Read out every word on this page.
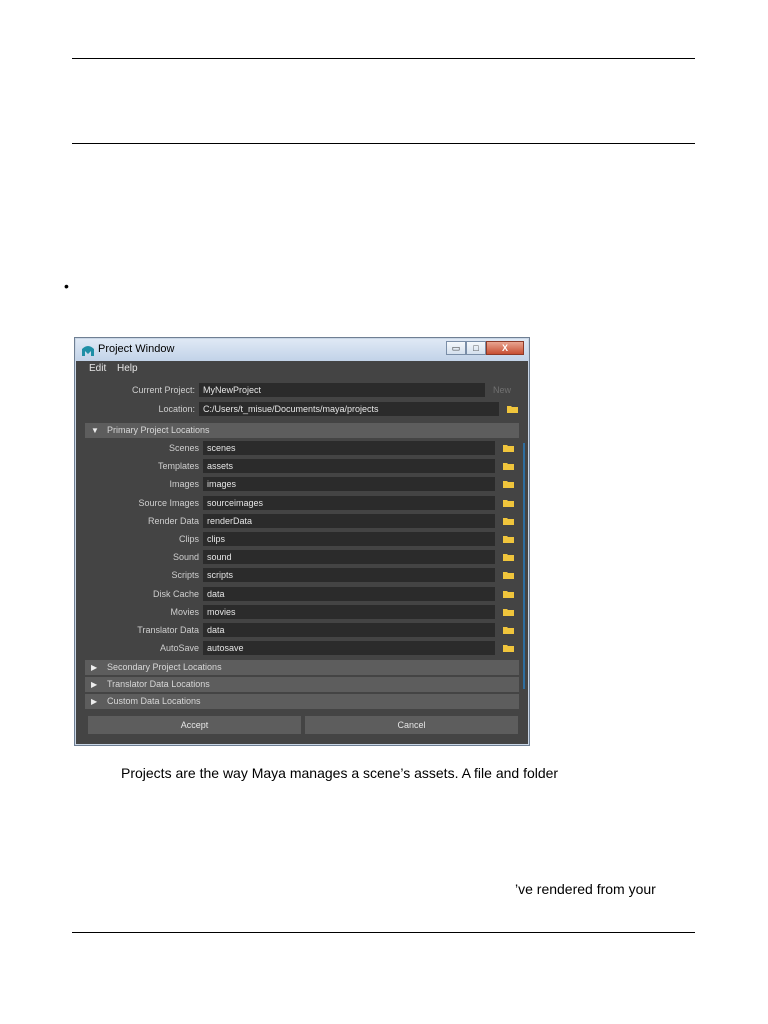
•
Project Window	▭	□	X
Edit Help
Current Project: MyNewProject	New
Location: C:/Users/t_misue/Documents/maya/projects
▼ Primary Project Locations
Scenes scenes
Templates assets
Images images
Source Images sourceimages
Render Data renderData
Clips clips
Sound sound
Scripts scripts
Disk Cache data
Movies movies
Translator Data data
AutoSave autosave
▶ Secondary Project Locations
▶ Translator Data Locations
▶ Custom Data Locations
Accept	Cancel
Projects are the way Maya manages a scene’s assets. A file and folder
’ve rendered from your
